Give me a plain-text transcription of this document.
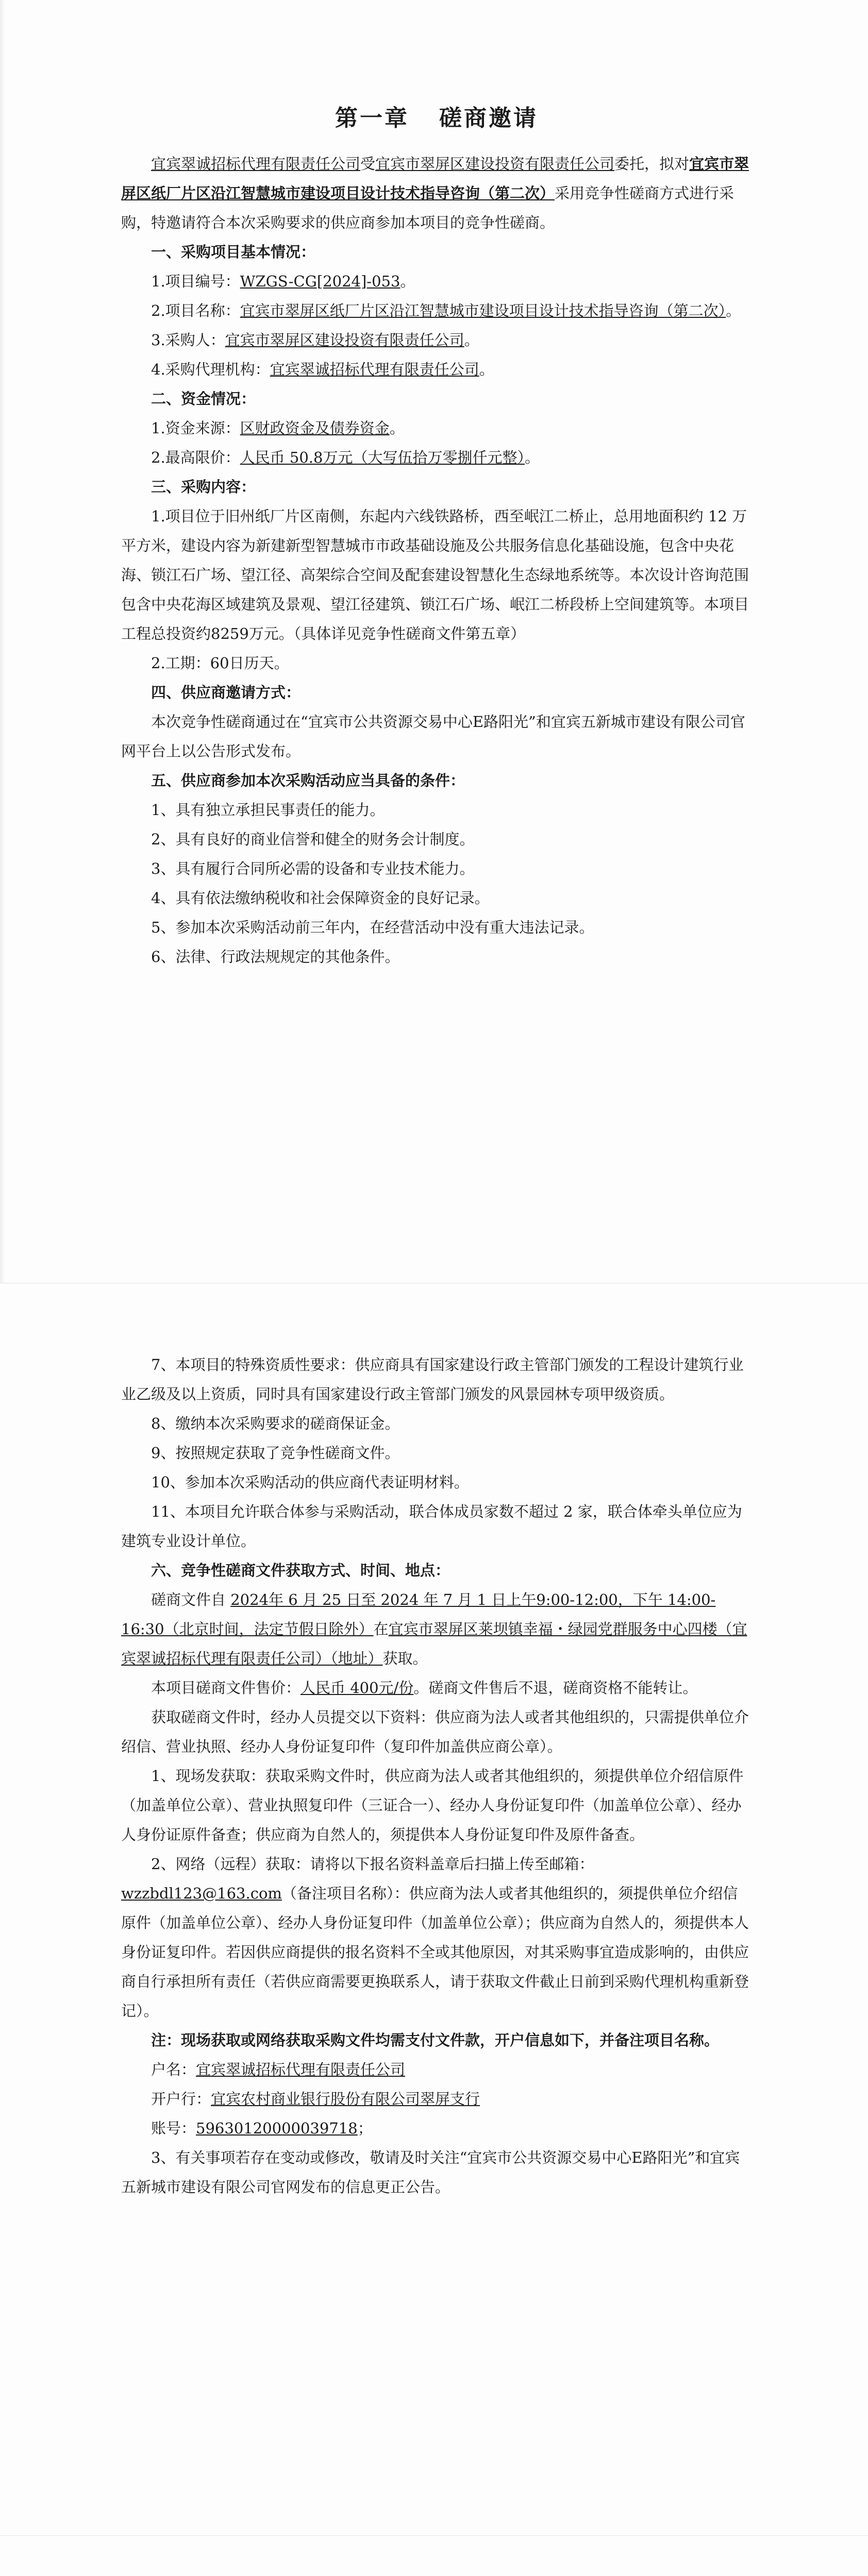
第一章 磋商邀请

宜宾翠诚招标代理有限责任公司受宜宾市翠屏区建设投资有限责任公司委托，拟对宜宾市翠屏区纸厂片区沿江智慧城市建设项目设计技术指导咨询（第二次）采用竞争性磋商方式进行采购，特邀请符合本次采购要求的供应商参加本项目的竞争性磋商。

一、采购项目基本情况：

1.项目编号：WZGS-CG[2024]-053。

2.项目名称：宜宾市翠屏区纸厂片区沿江智慧城市建设项目设计技术指导咨询（第二次）。

3.采购人：宜宾市翠屏区建设投资有限责任公司。

4.采购代理机构：宜宾翠诚招标代理有限责任公司。

二、资金情况：

1.资金来源：区财政资金及债券资金。

2.最高限价：人民币 50.8万元（大写伍拾万零捌仟元整）。

三、采购内容：

1.项目位于旧州纸厂片区南侧，东起内六线铁路桥，西至岷江二桥止，总用地面积约 12 万平方米，建设内容为新建新型智慧城市市政基础设施及公共服务信息化基础设施，包含中央花海、锁江石广场、望江径、高架综合空间及配套建设智慧化生态绿地系统等。本次设计咨询范围包含中央花海区域建筑及景观、望江径建筑、锁江石广场、岷江二桥段桥上空间建筑等。本项目工程总投资约8259万元。（具体详见竞争性磋商文件第五章）

2.工期：60日历天。

四、供应商邀请方式：

本次竞争性磋商通过在“宜宾市公共资源交易中心E路阳光”和宜宾五新城市建设有限公司官网平台上以公告形式发布。

五、供应商参加本次采购活动应当具备的条件：

1、具有独立承担民事责任的能力。

2、具有良好的商业信誉和健全的财务会计制度。

3、具有履行合同所必需的设备和专业技术能力。

4、具有依法缴纳税收和社会保障资金的良好记录。

5、参加本次采购活动前三年内，在经营活动中没有重大违法记录。

6、法律、行政法规规定的其他条件。

7、本项目的特殊资质性要求：供应商具有国家建设行政主管部门颁发的工程设计建筑行业业乙级及以上资质，同时具有国家建设行政主管部门颁发的风景园林专项甲级资质。

8、缴纳本次采购要求的磋商保证金。

9、按照规定获取了竞争性磋商文件。

10、参加本次采购活动的供应商代表证明材料。

11、本项目允许联合体参与采购活动，联合体成员家数不超过 2 家，联合体牵头单位应为建筑专业设计单位。

六、竞争性磋商文件获取方式、时间、地点：

磋商文件自 2024年 6 月 25 日至 2024 年 7 月 1 日上午9:00-12:00，下午 14:00-16:30（北京时间，法定节假日除外）在宜宾市翠屏区莱坝镇幸福・绿园党群服务中心四楼（宜宾翠诚招标代理有限责任公司）（地址）获取。

本项目磋商文件售价：人民币 400元/份。磋商文件售后不退，磋商资格不能转让。

获取磋商文件时，经办人员提交以下资料：供应商为法人或者其他组织的，只需提供单位介绍信、营业执照、经办人身份证复印件（复印件加盖供应商公章）。

1、现场发获取：获取采购文件时，供应商为法人或者其他组织的，须提供单位介绍信原件（加盖单位公章）、营业执照复印件（三证合一）、经办人身份证复印件（加盖单位公章）、经办人身份证原件备查；供应商为自然人的，须提供本人身份证复印件及原件备查。

2、网络（远程）获取：请将以下报名资料盖章后扫描上传至邮箱：wzzbdl123@163.com（备注项目名称）：供应商为法人或者其他组织的，须提供单位介绍信原件（加盖单位公章）、经办人身份证复印件（加盖单位公章）；供应商为自然人的，须提供本人身份证复印件。若因供应商提供的报名资料不全或其他原因，对其采购事宜造成影响的，由供应商自行承担所有责任（若供应商需要更换联系人，请于获取文件截止日前到采购代理机构重新登记）。

注：现场获取或网络获取采购文件均需支付文件款，开户信息如下，并备注项目名称。

户名：宜宾翠诚招标代理有限责任公司

开户行：宜宾农村商业银行股份有限公司翠屏支行

账号：59630120000039718；

3、有关事项若存在变动或修改，敬请及时关注“宜宾市公共资源交易中心E路阳光”和宜宾五新城市建设有限公司官网发布的信息更正公告。
